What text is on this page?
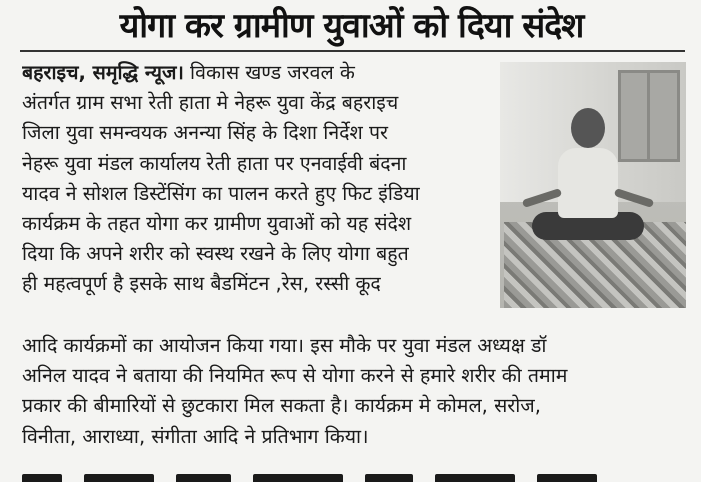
योगा कर ग्रामीण युवाओं को दिया संदेश
बहराइच, समृद्धि न्यूज। विकास खण्ड जरवल के
अंतर्गत ग्राम सभा रेती हाता मे नेहरू युवा केंद्र बहराइच
जिला युवा समन्वयक अनन्या सिंह के दिशा निर्देश पर
नेहरू युवा मंडल कार्यालय रेती हाता पर एनवाईवी बंदना
यादव ने सोशल डिस्टेंसिंग का पालन करते हुए फिट इंडिया
कार्यक्रम के तहत योगा कर ग्रामीण युवाओं को यह संदेश
दिया कि अपने शरीर को स्वस्थ रखने के लिए योगा बहुत
ही महत्वपूर्ण है इसके साथ बैडमिंटन ,रेस, रस्सी कूद
आदि कार्यक्रमों का आयोजन किया गया। इस मौके पर युवा मंडल अध्यक्ष डॉ
अनिल यादव ने बताया की नियमित रूप से योगा करने से हमारे शरीर की तमाम
प्रकार की बीमारियों से छुटकारा मिल सकता है। कार्यक्रम मे कोमल, सरोज,
विनीता, आराध्या, संगीता आदि ने प्रतिभाग किया।
